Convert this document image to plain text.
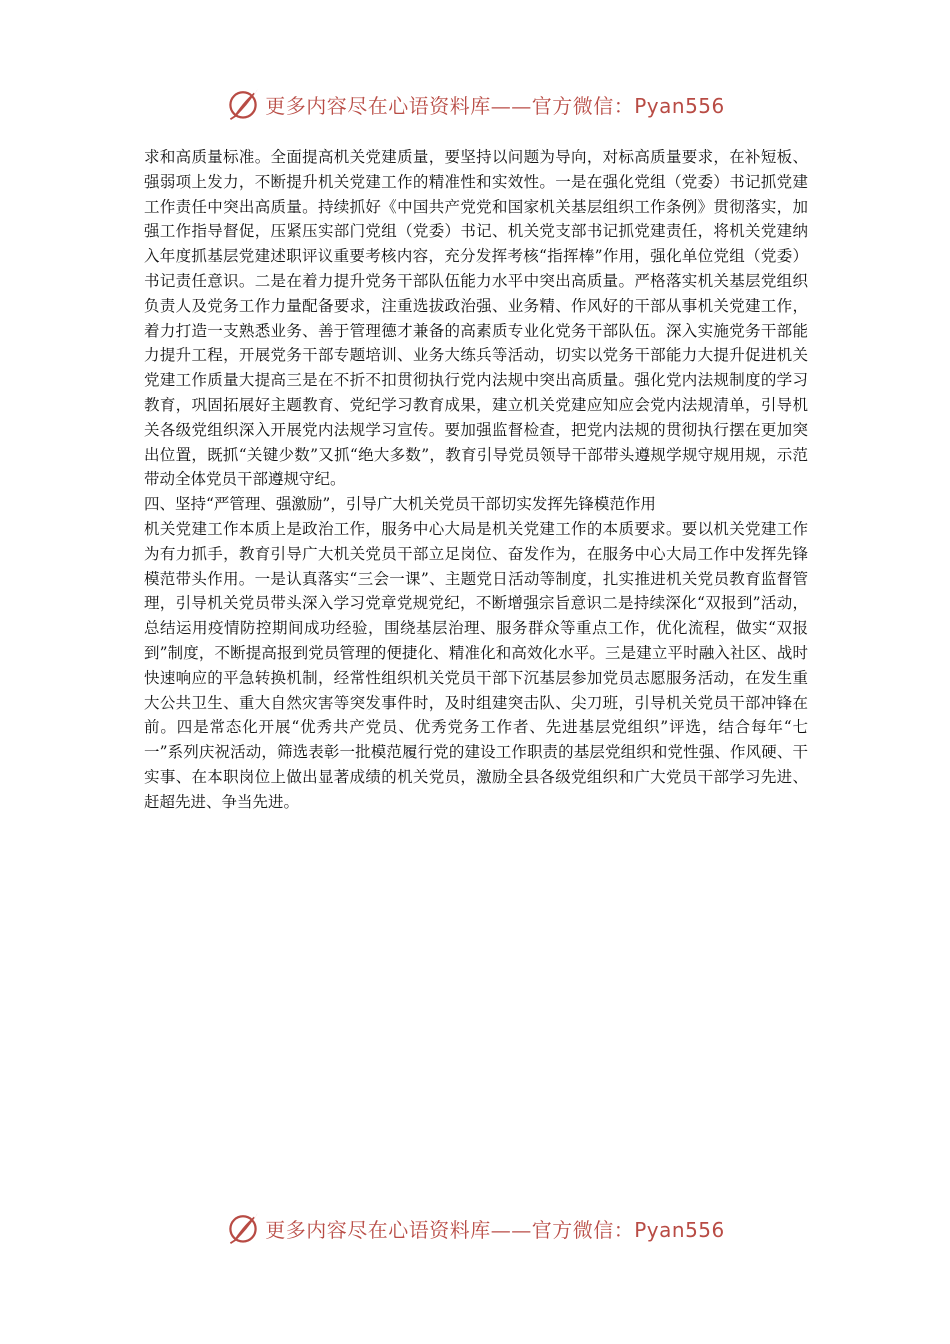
更多内容尽在心语资料库——官方微信：Pyan556

求和高质量标准。全面提高机关党建质量，要坚持以问题为导向，对标高质量要求，在补短板、强弱项上发力，不断提升机关党建工作的精准性和实效性。一是在强化党组（党委）书记抓党建工作责任中突出高质量。持续抓好《中国共产党党和国家机关基层组织工作条例》贯彻落实，加强工作指导督促，压紧压实部门党组（党委）书记、机关党支部书记抓党建责任，将机关党建纳入年度抓基层党建述职评议重要考核内容，充分发挥考核“指挥棒”作用，强化单位党组（党委）书记责任意识。二是在着力提升党务干部队伍能力水平中突出高质量。严格落实机关基层党组织负责人及党务工作力量配备要求，注重选拔政治强、业务精、作风好的干部从事机关党建工作，着力打造一支熟悉业务、善于管理德才兼备的高素质专业化党务干部队伍。深入实施党务干部能力提升工程，开展党务干部专题培训、业务大练兵等活动，切实以党务干部能力大提升促进机关党建工作质量大提高三是在不折不扣贯彻执行党内法规中突出高质量。强化党内法规制度的学习教育，巩固拓展好主题教育、党纪学习教育成果，建立机关党建应知应会党内法规清单，引导机关各级党组织深入开展党内法规学习宣传。要加强监督检查，把党内法规的贯彻执行摆在更加突出位置，既抓“关键少数”又抓“绝大多数”，教育引导党员领导干部带头遵规学规守规用规，示范带动全体党员干部遵规守纪。

四、坚持“严管理、强激励”，引导广大机关党员干部切实发挥先锋模范作用

机关党建工作本质上是政治工作，服务中心大局是机关党建工作的本质要求。要以机关党建工作为有力抓手，教育引导广大机关党员干部立足岗位、奋发作为，在服务中心大局工作中发挥先锋模范带头作用。一是认真落实“三会一课”、主题党日活动等制度，扎实推进机关党员教育监督管理，引导机关党员带头深入学习党章党规党纪，不断增强宗旨意识二是持续深化“双报到”活动，总结运用疫情防控期间成功经验，围绕基层治理、服务群众等重点工作，优化流程，做实“双报到”制度，不断提高报到党员管理的便捷化、精准化和高效化水平。三是建立平时融入社区、战时快速响应的平急转换机制，经常性组织机关党员干部下沉基层参加党员志愿服务活动，在发生重大公共卫生、重大自然灾害等突发事件时，及时组建突击队、尖刀班，引导机关党员干部冲锋在前。四是常态化开展“优秀共产党员、优秀党务工作者、先进基层党组织”评选，结合每年“七一”系列庆祝活动，筛选表彰一批模范履行党的建设工作职责的基层党组织和党性强、作风硬、干实事、在本职岗位上做出显著成绩的机关党员，激励全县各级党组织和广大党员干部学习先进、赶超先进、争当先进。

更多内容尽在心语资料库——官方微信：Pyan556
